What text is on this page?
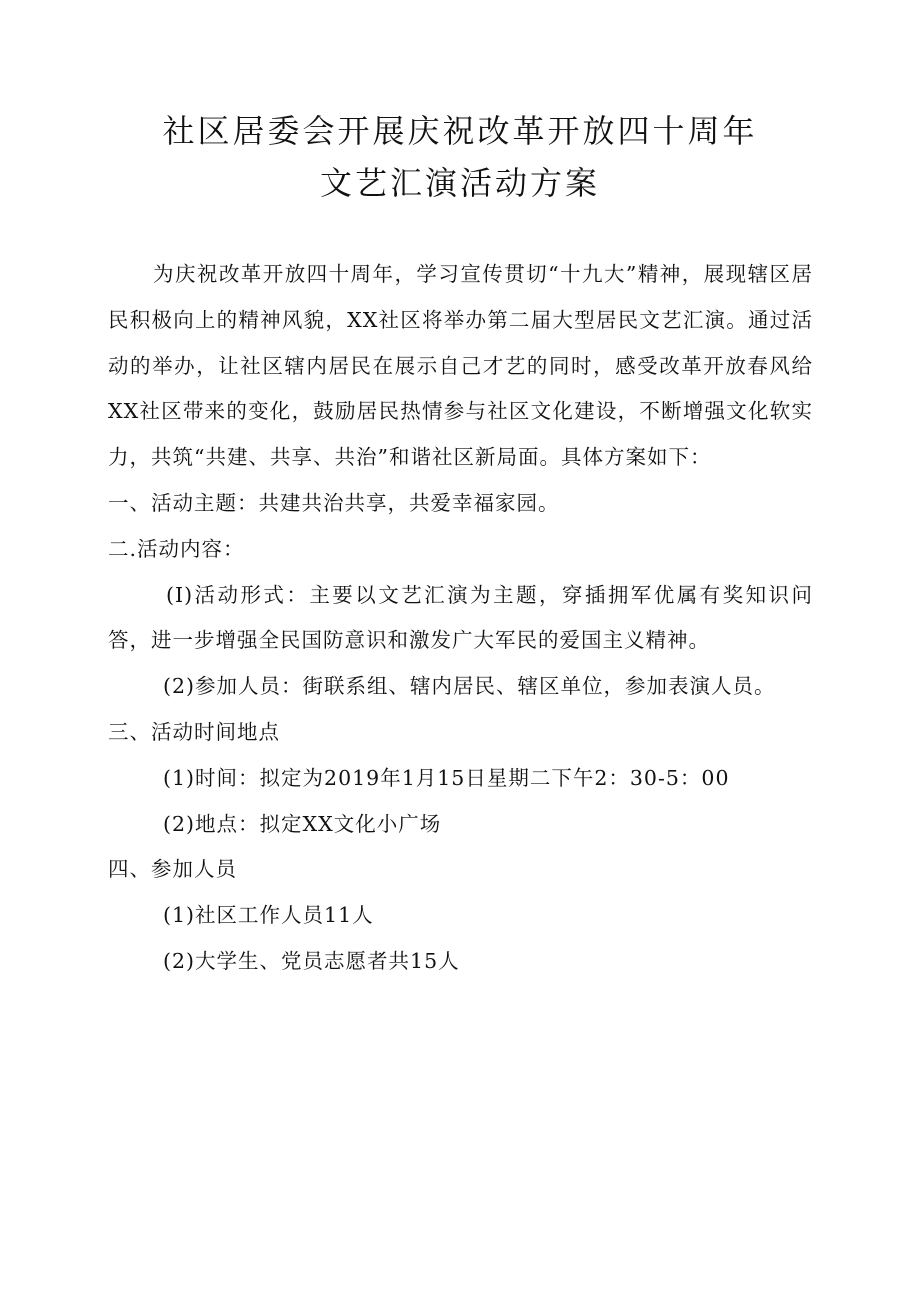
社区居委会开展庆祝改革开放四十周年
文艺汇演活动方案

为庆祝改革开放四十周年，学习宣传贯切“十九大”精神，展现辖区居民积极向上的精神风貌，XX社区将举办第二届大型居民文艺汇演。通过活动的举办，让社区辖内居民在展示自己才艺的同时，感受改革开放春风给XX社区带来的变化，鼓励居民热情参与社区文化建设，不断增强文化软实力，共筑“共建、共享、共治”和谐社区新局面。具体方案如下：

一、活动主题：共建共治共享，共爱幸福家园。

二.活动内容：

(I)活动形式：主要以文艺汇演为主题，穿插拥军优属有奖知识问答，进一步增强全民国防意识和激发广大军民的爱国主义精神。

(2)参加人员：街联系组、辖内居民、辖区单位，参加表演人员。

三、活动时间地点

(1)时间：拟定为2019年1月15日星期二下午2：30-5：00

(2)地点：拟定XX文化小广场

四、参加人员

(1)社区工作人员11人

(2)大学生、党员志愿者共15人
